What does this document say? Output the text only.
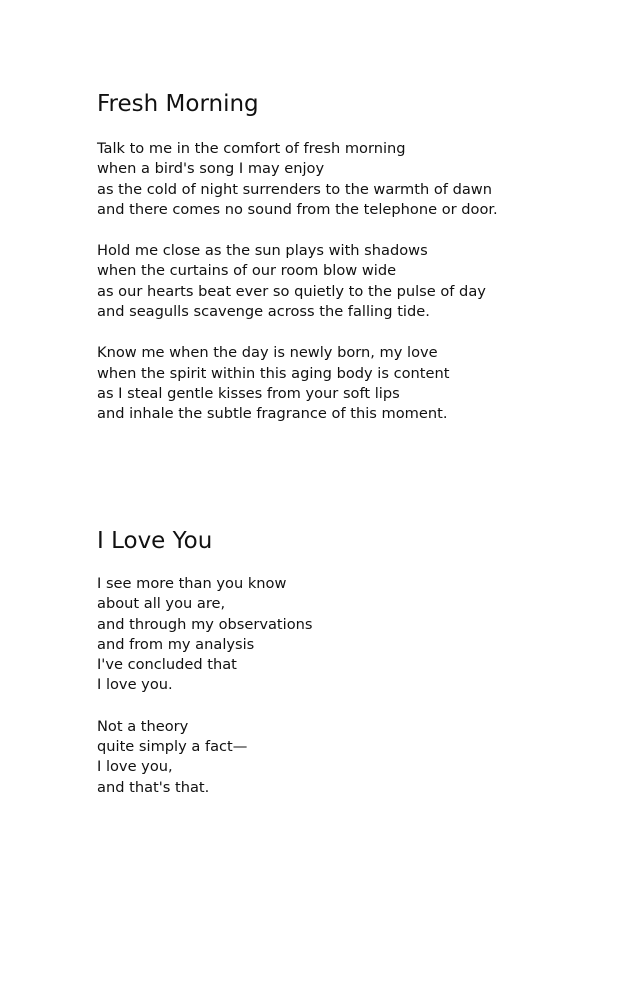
Fresh Morning
Talk to me in the comfort of fresh morning
when a bird's song I may enjoy
as the cold of night surrenders to the warmth of dawn
and there comes no sound from the telephone or door.
Hold me close as the sun plays with shadows
when the curtains of our room blow wide
as our hearts beat ever so quietly to the pulse of day
and seagulls scavenge across the falling tide.
Know me when the day is newly born, my love
when the spirit within this aging body is content
as I steal gentle kisses from your soft lips
and inhale the subtle fragrance of this moment.
I Love You
I see more than you know
about all you are,
and through my observations
and from my analysis
I've concluded that
I love you.
Not a theory
quite simply a fact—
I love you,
and that's that.
